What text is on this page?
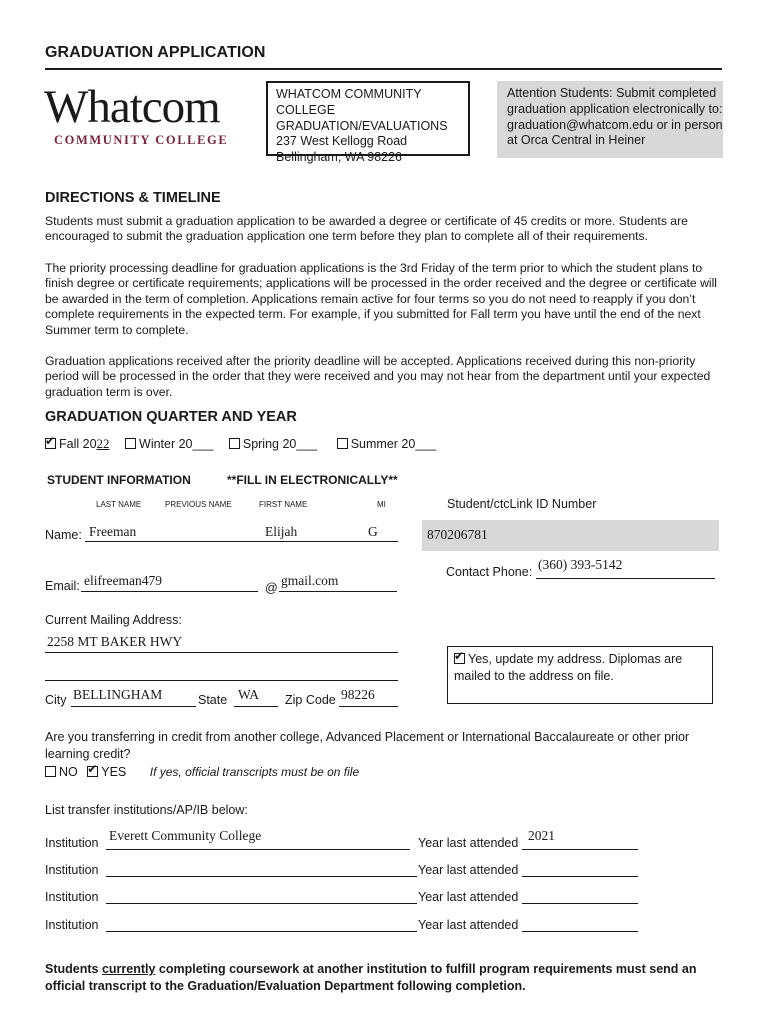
GRADUATION APPLICATION
Whatcom
COMMUNITY COLLEGE
WHATCOM COMMUNITY COLLEGE
GRADUATION/EVALUATIONS
237 West Kellogg Road
Bellingham, WA 98226
Attention Students: Submit completed graduation application electronically to: graduation@whatcom.edu or in person at Orca Central in Heiner
DIRECTIONS & TIMELINE
Students must submit a graduation application to be awarded a degree or certificate of 45 credits or more. Students are encouraged to submit the graduation application one term before they plan to complete all of their requirements.
The priority processing deadline for graduation applications is the 3rd Friday of the term prior to which the student plans to finish degree or certificate requirements; applications will be processed in the order received and the degree or certificate will be awarded in the term of completion. Applications remain active for four terms so you do not need to reapply if you don’t complete requirements in the expected term. For example, if you submitted for Fall term you have until the end of the next Summer term to complete.
Graduation applications received after the priority deadline will be accepted. Applications received during this non-priority period will be processed in the order that they were received and you may not hear from the department until your expected graduation term is over.
GRADUATION QUARTER AND YEAR
✔Fall 2022 Winter 20___ Spring 20___	Summer 20___
STUDENT INFORMATION	**FILL IN ELECTRONICALLY**
LAST NAME	PREVIOUS NAME	FIRST NAME	MI	Student/ctcLink ID Number
870206781
Name: Freeman	Elijah	G
Email: elifreeman479	@ gmail.com
Contact Phone: (360) 393-5142
Current Mailing Address:
2258 MT BAKER HWY
✔Yes, update my address. Diplomas are mailed to the address on file.
City BELLINGHAM	State WA Zip Code 98226
Are you transferring in credit from another college, Advanced Placement or International Baccalaureate or other prior learning credit?
NO ✔ YES If yes, official transcripts must be on file
List transfer institutions/AP/IB below:
Institution Everett Community College	Year last attended 2021
Institution	Year last attended
Institution	Year last attended
Institution	Year last attended
Students currently completing coursework at another institution to fulfill program requirements must send an official transcript to the Graduation/Evaluation Department following completion.
